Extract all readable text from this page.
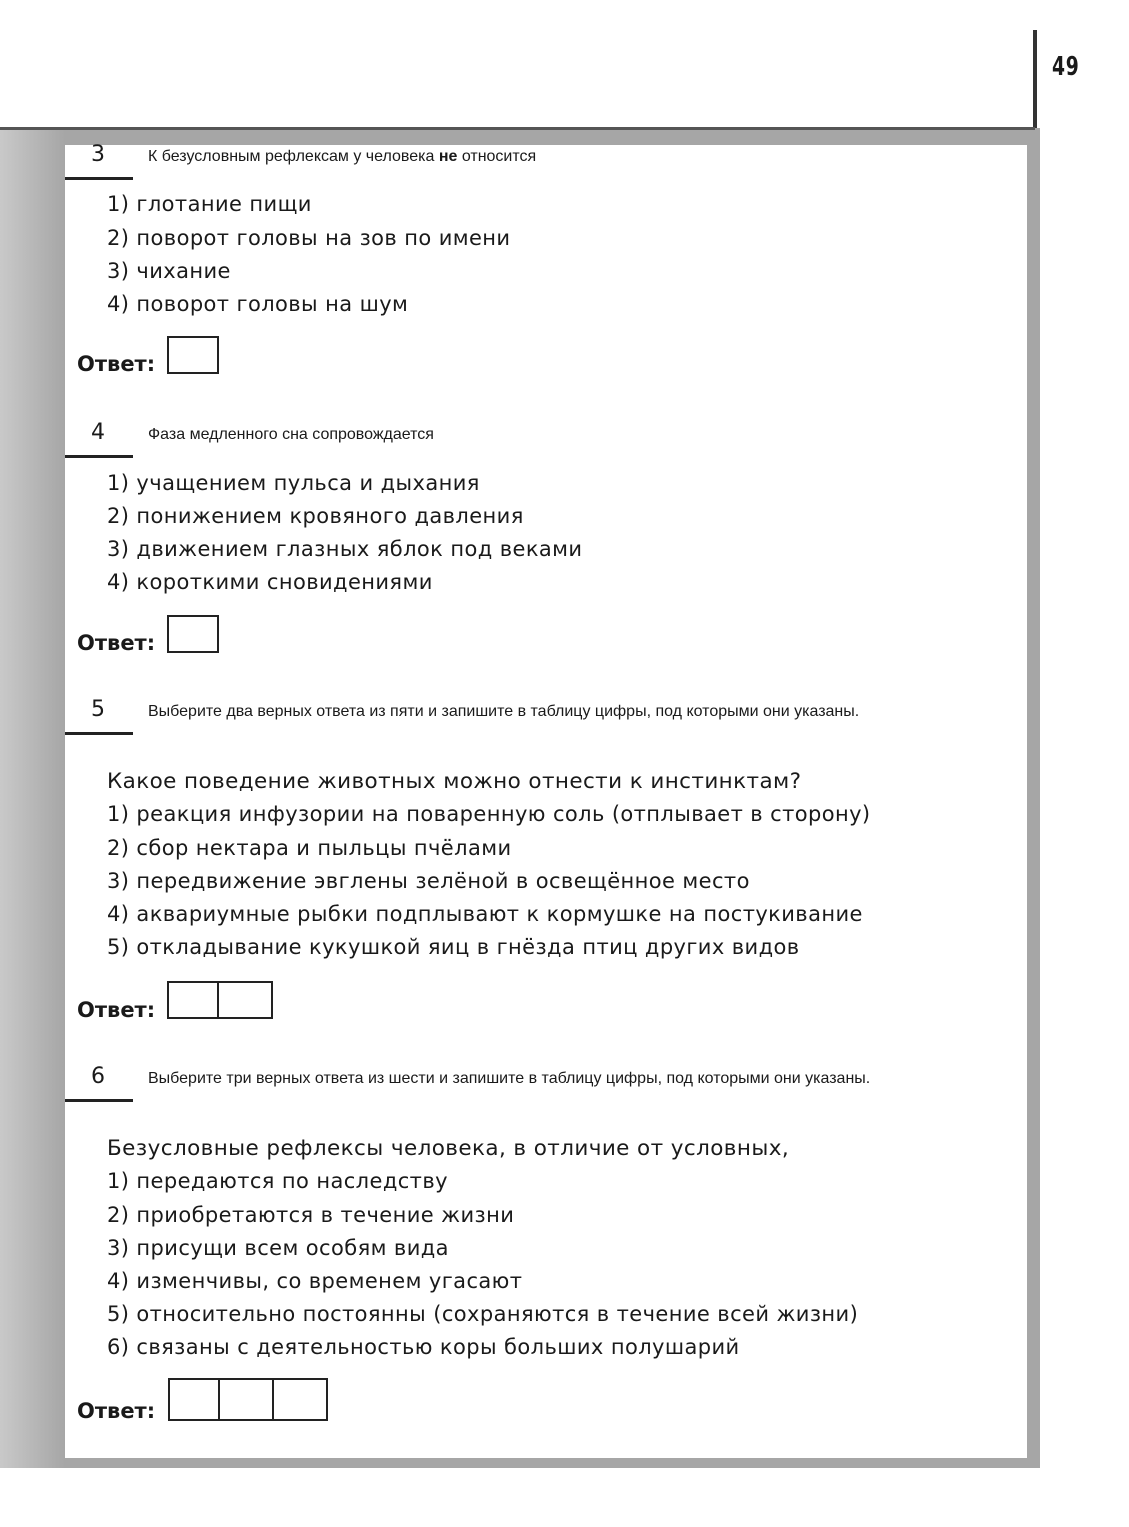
49
3	К безусловным рефлексам у человека не относится
1) глотание пищи
2) поворот головы на зов по имени
3) чихание
4) поворот головы на шум
Ответ:
4	Фаза медленного сна сопровождается
1) учащением пульса и дыхания
2) понижением кровяного давления
3) движением глазных яблок под веками
4) короткими сновидениями
Ответ:
5	Выберите два верных ответа из пяти и запишите в таблицу цифры, под которыми они указаны.
Какое поведение животных можно отнести к инстинктам?
1) реакция инфузории на поваренную соль (отплывает в сторону)
2) сбор нектара и пыльцы пчёлами
3) передвижение эвглены зелёной в освещённое место
4) аквариумные рыбки подплывают к кормушке на постукивание
5) откладывание кукушкой яиц в гнёзда птиц других видов
Ответ:
6	Выберите три верных ответа из шести и запишите в таблицу цифры, под которыми они указаны.
Безусловные рефлексы человека, в отличие от условных,
1) передаются по наследству
2) приобретаются в течение жизни
3) присущи всем особям вида
4) изменчивы, со временем угасают
5) относительно постоянны (сохраняются в течение всей жизни)
6) связаны с деятельностью коры больших полушарий
Ответ:
